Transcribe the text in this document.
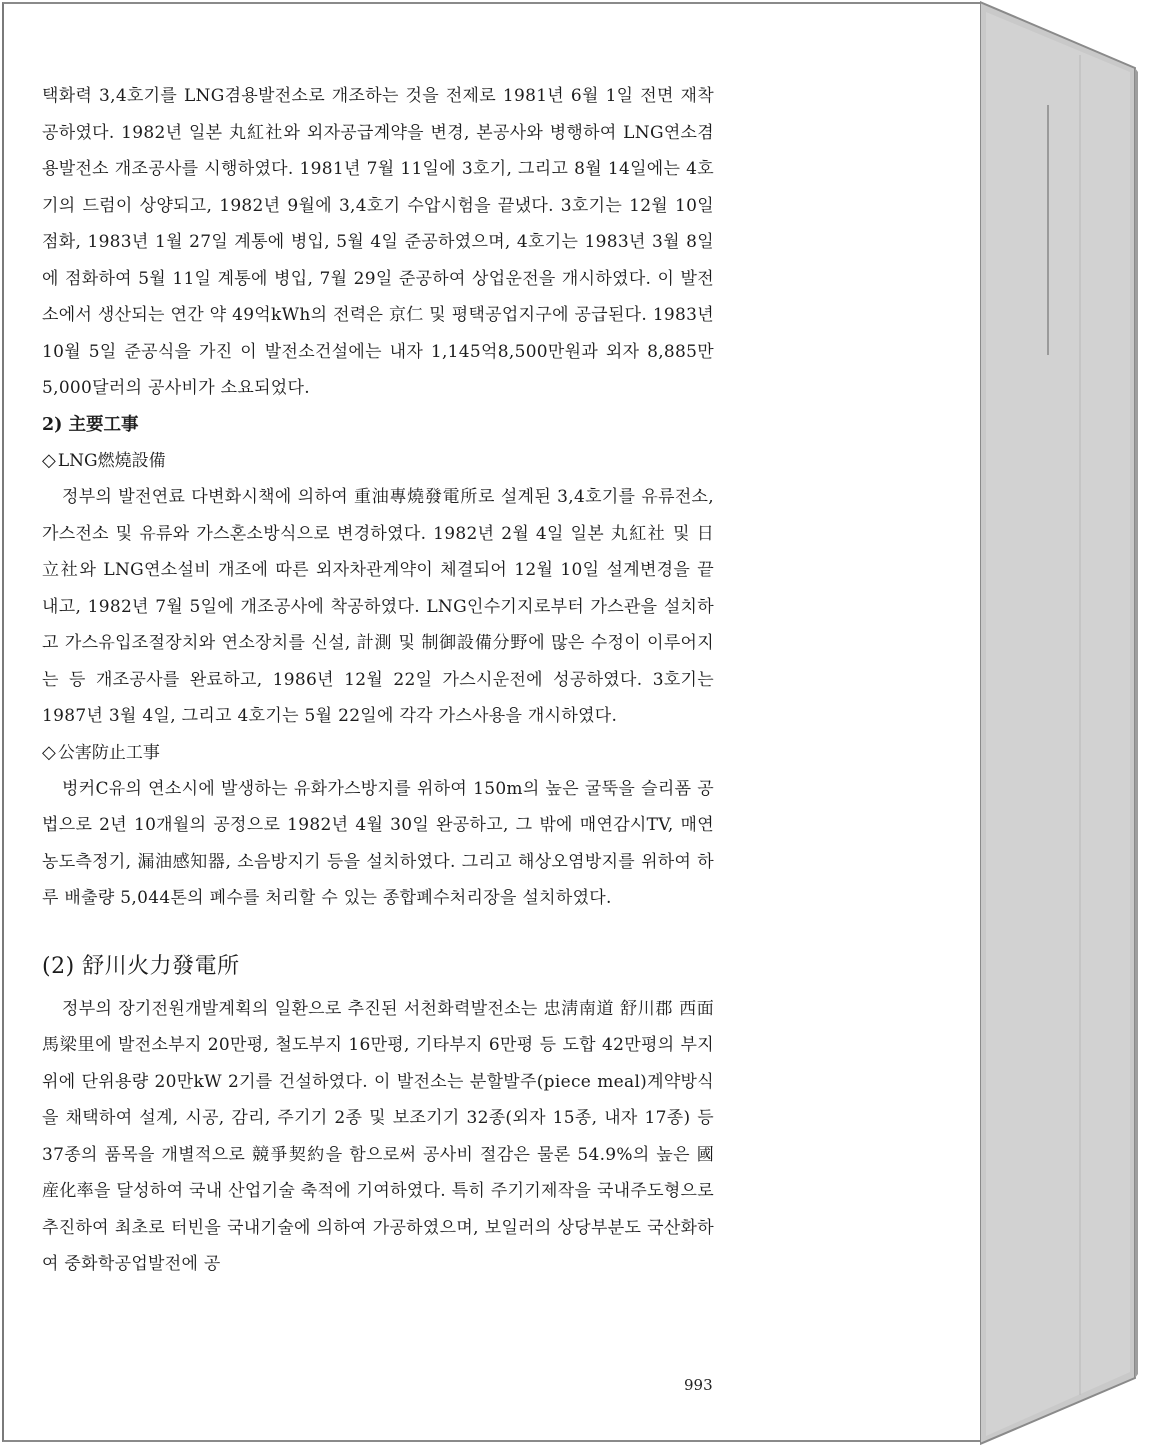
택화력 3,4호기를 LNG겸용발전소로 개조하는 것을 전제로 1981년 6월 1일 전면 재착공하였다. 1982년 일본 丸紅社와 외자공급계약을 변경, 본공사와 병행하여 LNG연소겸용발전소 개조공사를 시행하였다. 1981년 7월 11일에 3호기, 그리고 8월 14일에는 4호기의 드럼이 상양되고, 1982년 9월에 3,4호기 수압시험을 끝냈다. 3호기는 12월 10일 점화, 1983년 1월 27일 계통에 병입, 5월 4일 준공하였으며, 4호기는 1983년 3월 8일에 점화하여 5월 11일 계통에 병입, 7월 29일 준공하여 상업운전을 개시하였다. 이 발전소에서 생산되는 연간 약 49억kWh의 전력은 京仁 및 평택공업지구에 공급된다. 1983년 10월 5일 준공식을 가진 이 발전소건설에는 내자 1,145억8,500만원과 외자 8,885만5,000달러의 공사비가 소요되었다.

2) 主要工事
◇ LNG燃燒設備

정부의 발전연료 다변화시책에 의하여 重油專燒發電所로 설계된 3,4호기를 유류전소, 가스전소 및 유류와 가스혼소방식으로 변경하였다. 1982년 2월 4일 일본 丸紅社 및 日立社와 LNG연소설비 개조에 따른 외자차관계약이 체결되어 12월 10일 설계변경을 끝내고, 1982년 7월 5일에 개조공사에 착공하였다. LNG인수기지로부터 가스관을 설치하고 가스유입조절장치와 연소장치를 신설, 計測 및 制御設備分野에 많은 수정이 이루어지는 등 개조공사를 완료하고, 1986년 12월 22일 가스시운전에 성공하였다. 3호기는 1987년 3월 4일, 그리고 4호기는 5월 22일에 각각 가스사용을 개시하였다.

◇ 公害防止工事

벙커C유의 연소시에 발생하는 유화가스방지를 위하여 150m의 높은 굴뚝을 슬리폼 공법으로 2년 10개월의 공정으로 1982년 4월 30일 완공하고, 그 밖에 매연감시TV, 매연농도측정기, 漏油感知器, 소음방지기 등을 설치하였다. 그리고 해상오염방지를 위하여 하루 배출량 5,044톤의 폐수를 처리할 수 있는 종합폐수처리장을 설치하였다.

(2) 舒川火力發電所

정부의 장기전원개발계획의 일환으로 추진된 서천화력발전소는 忠淸南道 舒川郡 西面 馬梁里에 발전소부지 20만평, 철도부지 16만평, 기타부지 6만평 등 도합 42만평의 부지 위에 단위용량 20만kW 2기를 건설하였다. 이 발전소는 분할발주(piece meal)계약방식을 채택하여 설계, 시공, 감리, 주기기 2종 및 보조기기 32종(외자 15종, 내자 17종) 등 37종의 품목을 개별적으로 競爭契約을 함으로써 공사비 절감은 물론 54.9%의 높은 國産化率을 달성하여 국내 산업기술 축적에 기여하였다. 특히 주기기제작을 국내주도형으로 추진하여 최초로 터빈을 국내기술에 의하여 가공하였으며, 보일러의 상당부분도 국산화하여 중화학공업발전에 공

993
